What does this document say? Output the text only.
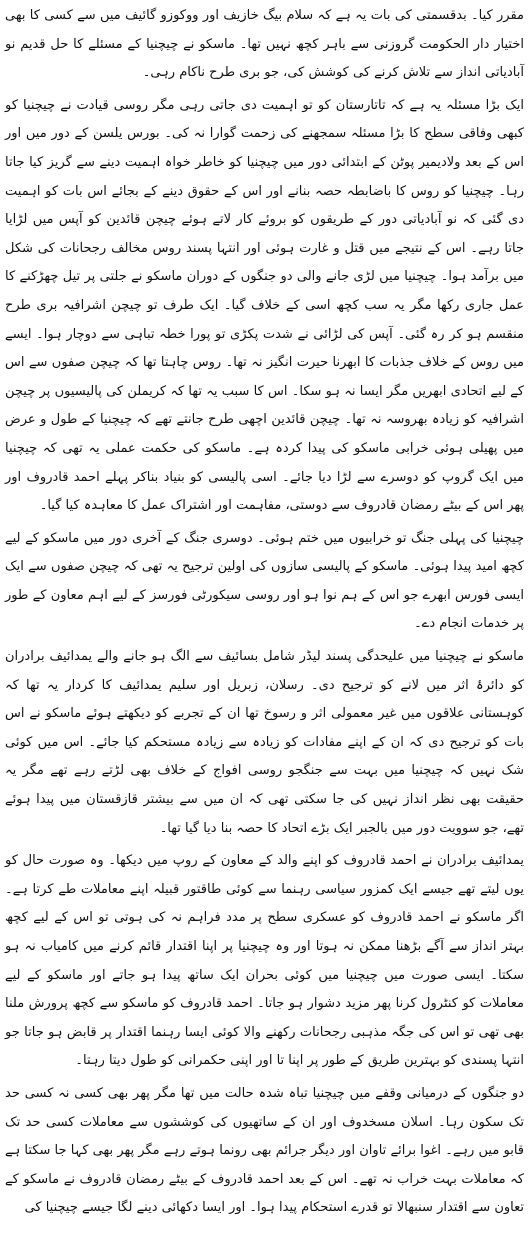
مقرر کیا۔ بدقسمتی کی بات یہ ہے کہ سلام بیگ خازیف اور ووکوزو گائیف میں سے کسی کا بھی اختیار دار الحکومت گروزنی سے باہر کچھ نہیں تھا۔ ماسکو نے چیچنیا کے مسئلے کا حل قدیم نو آبادیاتی انداز سے تلاش کرنے کی کوشش کی، جو بری طرح ناکام رہی۔

ایک بڑا مسئلہ یہ ہے کہ تاتارستان کو تو اہمیت دی جاتی رہی مگر روسی قیادت نے چیچنیا کو کبھی وفاقی سطح کا بڑا مسئلہ سمجھنے کی زحمت گوارا نہ کی۔ بورس یلسن کے دور میں اور اس کے بعد ولادیمیر پوٹن کے ابتدائی دور میں چیچنیا کو خاطر خواہ اہمیت دینے سے گریز کیا جاتا رہا۔ چیچنیا کو روس کا باضابطہ حصہ بنانے اور اس کے حقوق دینے کے بجائے اس بات کو اہمیت دی گئی کہ نو آبادیاتی دور کے طریقوں کو بروئے کار لاتے ہوئے چیچن قائدین کو آپس میں لڑایا جاتا رہے۔ اس کے نتیجے میں قتل و غارت ہوئی اور انتہا پسند روس مخالف رجحانات کی شکل میں برآمد ہوا۔ چیچنیا میں لڑی جانے والی دو جنگوں کے دوران ماسکو نے جلتی پر تیل چھڑکنے کا عمل جاری رکھا مگر یہ سب کچھ اسی کے خلاف گیا۔ ایک طرف تو چیچن اشرافیہ بری طرح منقسم ہو کر رہ گئی۔ آپس کی لڑائی نے شدت پکڑی تو پورا خطہ تباہی سے دوچار ہوا۔ ایسے میں روس کے خلاف جذبات کا ابھرنا حیرت انگیز نہ تھا۔ روس چاہتا تھا کہ چیچن صفوں سے اس کے لیے اتحادی ابھریں مگر ایسا نہ ہو سکا۔ اس کا سبب یہ تھا کہ کریملن کی پالیسیوں پر چیچن اشرافیہ کو زیادہ بھروسہ نہ تھا۔ چیچن قائدین اچھی طرح جانتے تھے کہ چیچنیا کے طول و عرض میں پھیلی ہوئی خرابی ماسکو کی پیدا کردہ ہے۔ ماسکو کی حکمت عملی یہ تھی کہ چیچنیا میں ایک گروپ کو دوسرے سے لڑا دیا جائے۔ اسی پالیسی کو بنیاد بناکر پہلے احمد قادروف اور پھر اس کے بیٹے رمضان قادروف سے دوستی، مفاہمت اور اشتراک عمل کا معاہدہ کیا گیا۔

چیچنیا کی پہلی جنگ تو خرابیوں میں ختم ہوئی۔ دوسری جنگ کے آخری دور میں ماسکو کے لیے کچھ امید پیدا ہوئی۔ ماسکو کے پالیسی سازوں کی اولین ترجیح یہ تھی کہ چیچن صفوں سے ایک ایسی فورس ابھرے جو اس کے ہم نوا ہو اور روسی سیکورٹی فورسز کے لیے اہم معاون کے طور پر خدمات انجام دے۔

ماسکو نے چیچنیا میں علیحدگی پسند لیڈر شامل بسائیف سے الگ ہو جانے والے یمدائیف برادران کو دائرۂ اثر میں لانے کو ترجیح دی۔ رسلان، زبریل اور سلیم یمدائیف کا کردار یہ تھا کہ کوہستانی علاقوں میں غیر معمولی اثر و رسوخ تھا ان کے تجربے کو دیکھتے ہوئے ماسکو نے اس بات کو ترجیح دی کہ ان کے اپنے مفادات کو زیادہ سے زیادہ مستحکم کیا جائے۔ اس میں کوئی شک نہیں کہ چیچنیا میں بہت سے جنگجو روسی افواج کے خلاف بھی لڑتے رہے تھے مگر یہ حقیقت بھی نظر انداز نہیں کی جا سکتی تھی کہ ان میں سے بیشتر قازقستان میں پیدا ہوئے تھے، جو سوویت دور میں بالجبر ایک بڑے اتحاد کا حصہ بنا دیا گیا تھا۔

یمدائیف برادران نے احمد قادروف کو اپنے والد کے معاون کے روپ میں دیکھا۔ وہ صورت حال کو یوں لیتے تھے جیسے ایک کمزور سیاسی رہنما سے کوئی طاقتور قبیلہ اپنے معاملات طے کرتا ہے۔ اگر ماسکو نے احمد قادروف کو عسکری سطح پر مدد فراہم نہ کی ہوتی تو اس کے لیے کچھ بہتر انداز سے آگے بڑھنا ممکن نہ ہوتا اور وہ چیچنیا پر اپنا اقتدار قائم کرنے میں کامیاب نہ ہو سکتا۔ ایسی صورت میں چیچنیا میں کوئی بحران ایک ساتھ پیدا ہو جاتے اور ماسکو کے لیے معاملات کو کنٹرول کرنا پھر مزید دشوار ہو جاتا۔ احمد قادروف کو ماسکو سے کچھ پرورش ملنا بھی تھی تو اس کی جگہ مذہبی رجحانات رکھنے والا کوئی ایسا رہنما اقتدار پر قابض ہو جاتا جو انتہا پسندی کو بہترین طریق کے طور پر اپنا تا اور اپنی حکمرانی کو طول دیتا رہتا۔

دو جنگوں کے درمیانی وقفے میں چیچنیا تباہ شدہ حالت میں تھا مگر پھر بھی کسی نہ کسی حد تک سکون رہا۔ اسلان مسخدوف اور ان کے ساتھیوں کی کوششوں سے معاملات کسی حد تک قابو میں رہے۔ اغوا برائے تاوان اور دیگر جرائم بھی رونما ہوتے رہے مگر پھر بھی کہا جا سکتا ہے کہ معاملات بہت خراب نہ تھے۔ اس کے بعد احمد قادروف کے بیٹے رمضان قادروف نے ماسکو کے تعاون سے اقتدار سنبھالا تو قدرے استحکام پیدا ہوا۔ اور ایسا دکھائی دینے لگا جیسے چیچنیا کی
